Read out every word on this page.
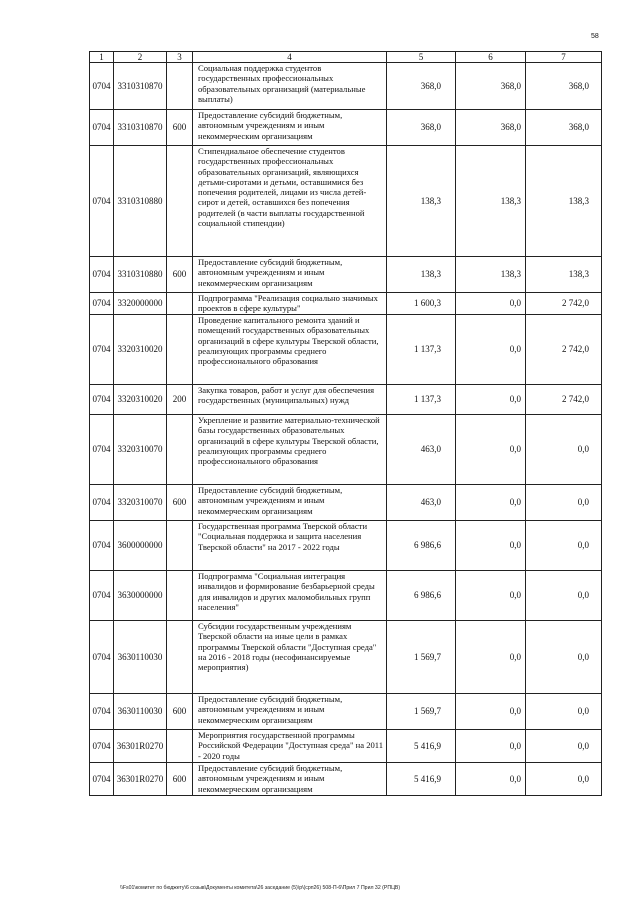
58
1	2	3	4	5	6	7
0704	3310310870		Социальная поддержка студентов государственных профессиональных образовательных организаций (материальные выплаты)	368,0	368,0	368,0
0704	3310310870	600	Предоставление субсидий бюджетным, автономным учреждениям и иным некоммерческим организациям	368,0	368,0	368,0
0704	3310310880		Стипендиальное обеспечение студентов государственных профессиональных образовательных организаций, являющихся детьми-сиротами и детьми, оставшимися без попечения родителей, лицами из числа детей-сирот и детей, оставшихся без попечения родителей (в части выплаты государственной социальной стипендии)	138,3	138,3	138,3
0704	3310310880	600	Предоставление субсидий бюджетным, автономным учреждениям и иным некоммерческим организациям	138,3	138,3	138,3
0704	3320000000		Подпрограмма "Реализация социально значимых проектов в сфере культуры"	1 600,3	0,0	2 742,0
0704	3320310020		Проведение капитального ремонта зданий и помещений государственных образовательных организаций в сфере культуры Тверской области, реализующих программы среднего профессионального образования	1 137,3	0,0	2 742,0
0704	3320310020	200	Закупка товаров, работ и услуг для обеспечения государственных (муниципальных) нужд	1 137,3	0,0	2 742,0
0704	3320310070		Укрепление и развитие материально-технической базы государственных образовательных организаций в сфере культуры Тверской области, реализующих программы среднего профессионального образования	463,0	0,0	0,0
0704	3320310070	600	Предоставление субсидий бюджетным, автономным учреждениям и иным некоммерческим организациям	463,0	0,0	0,0
0704	3600000000		Государственная программа Тверской области "Социальная поддержка и защита населения Тверской области" на 2017 - 2022 годы	6 986,6	0,0	0,0
0704	3630000000		Подпрограмма "Социальная интеграция инвалидов и формирование безбарьерной среды для инвалидов и других маломобильных групп населения"	6 986,6	0,0	0,0
0704	3630110030		Субсидии государственным учреждениям Тверской области на иные цели в рамках программы Тверской области "Доступная среда" на 2016 - 2018 годы (несофинансируемые мероприятия)	1 569,7	0,0	0,0
0704	3630110030	600	Предоставление субсидий бюджетным, автономным учреждениям и иным некоммерческим организациям	1 569,7	0,0	0,0
0704	36301R0270		Мероприятия государственной программы Российской Федерации "Доступная среда" на 2011 - 2020 годы	5 416,9	0,0	0,0
0704	36301R0270	600	Предоставление субсидий бюджетным, автономным учреждениям и иным некоммерческим организациям	5 416,9	0,0	0,0
\\Fs01\комитет по бюджету\6 созыв\Документы комитета\26 заседание (5)\р\(срп26) 508-П-6\Прил 7 Прил 32 (РПЦВ)
